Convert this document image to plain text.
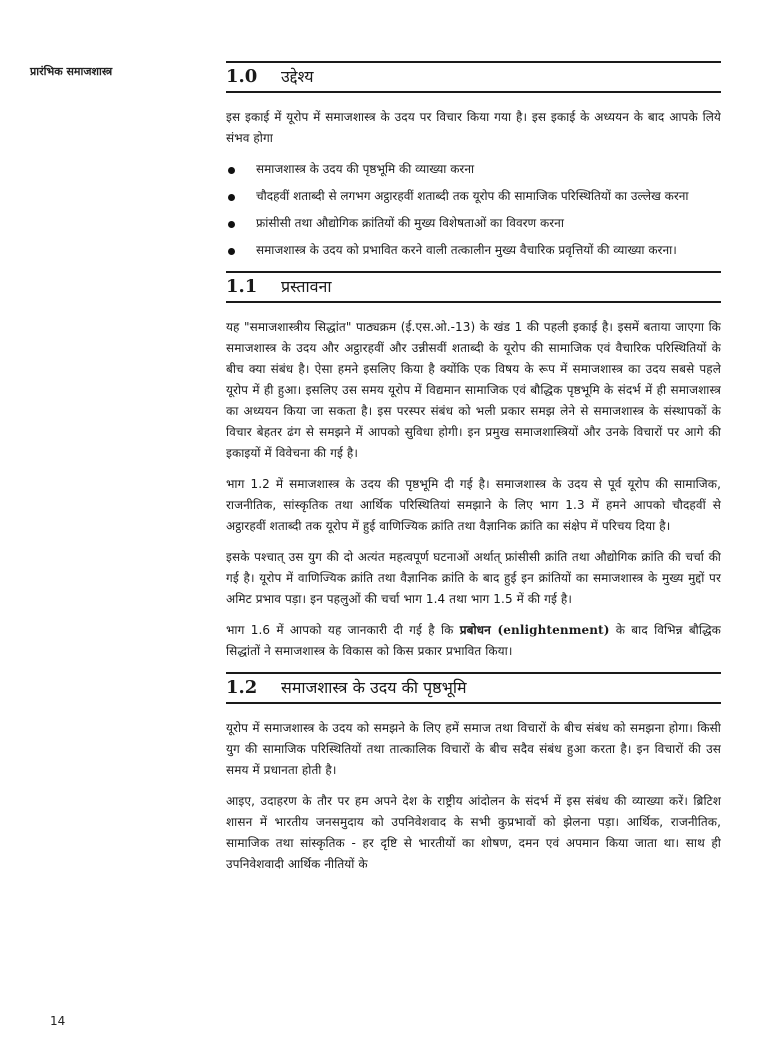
प्रारंभिक समाजशास्त्र	1.0	उद्देश्य

इस इकाई में यूरोप में समाजशास्त्र के उदय पर विचार किया गया है। इस इकाई के अध्ययन के बाद आपके लिये संभव होगा

समाजशास्त्र के उदय की पृष्ठभूमि की व्याख्या करना
चौदहवीं शताब्दी से लगभग अट्ठारहवीं शताब्दी तक यूरोप की सामाजिक परिस्थितियों का उल्लेख करना
फ्रांसीसी तथा औद्योगिक क्रांतियों की मुख्य विशेषताओं का विवरण करना
समाजशास्त्र के उदय को प्रभावित करने वाली तत्कालीन मुख्य वैचारिक प्रवृत्तियों की व्याख्या करना।
1.1	प्रस्तावना

यह "समाजशास्त्रीय सिद्धांत" पाठ्यक्रम (ई.एस.ओ.-13) के खंड 1 की पहली इकाई है। इसमें बताया जाएगा कि समाजशास्त्र के उदय और अट्ठारहवीं और उन्नीसवीं शताब्दी के यूरोप की सामाजिक एवं वैचारिक परिस्थितियों के बीच क्या संबंध है। ऐसा हमने इसलिए किया है क्योंकि एक विषय के रूप में समाजशास्त्र का उदय सबसे पहले यूरोप में ही हुआ। इसलिए उस समय यूरोप में विद्यमान सामाजिक एवं बौद्धिक पृष्ठभूमि के संदर्भ में ही समाजशास्त्र का अध्ययन किया जा सकता है। इस परस्पर संबंध को भली प्रकार समझ लेने से समाजशास्त्र के संस्थापकों के विचार बेहतर ढंग से समझने में आपको सुविधा होगी। इन प्रमुख समाजशास्त्रियों और उनके विचारों पर आगे की इकाइयों में विवेचना की गई है।

भाग 1.2 में समाजशास्त्र के उदय की पृष्ठभूमि दी गई है। समाजशास्त्र के उदय से पूर्व यूरोप की सामाजिक, राजनीतिक, सांस्कृतिक तथा आर्थिक परिस्थितियां समझाने के लिए भाग 1.3 में हमने आपको चौदहवीं से अट्ठारहवीं शताब्दी तक यूरोप में हुई वाणिज्यिक क्रांति तथा वैज्ञानिक क्रांति का संक्षेप में परिचय दिया है।

इसके पश्चात् उस युग की दो अत्यंत महत्वपूर्ण घटनाओं अर्थात् फ्रांसीसी क्रांति तथा औद्योगिक क्रांति की चर्चा की गई है। यूरोप में वाणिज्यिक क्रांति तथा वैज्ञानिक क्रांति के बाद हुई इन क्रांतियों का समाजशास्त्र के मुख्य मुद्दों पर अमिट प्रभाव पड़ा। इन पहलुओं की चर्चा भाग 1.4 तथा भाग 1.5 में की गई है।

भाग 1.6 में आपको यह जानकारी दी गई है कि प्रबोधन (enlightenment) के बाद विभिन्न बौद्धिक सिद्धांतों ने समाजशास्त्र के विकास को किस प्रकार प्रभावित किया।

1.2	समाजशास्त्र के उदय की पृष्ठभूमि

यूरोप में समाजशास्त्र के उदय को समझने के लिए हमें समाज तथा विचारों के बीच संबंध को समझना होगा। किसी युग की सामाजिक परिस्थितियों तथा तात्कालिक विचारों के बीच सदैव संबंध हुआ करता है। इन विचारों की उस समय में प्रधानता होती है।

आइए, उदाहरण के तौर पर हम अपने देश के राष्ट्रीय आंदोलन के संदर्भ में इस संबंध की व्याख्या करें। ब्रिटिश शासन में भारतीय जनसमुदाय को उपनिवेशवाद के सभी कुप्रभावों को झेलना पड़ा। आर्थिक, राजनीतिक, सामाजिक तथा सांस्कृतिक - हर दृष्टि से भारतीयों का शोषण, दमन एवं अपमान किया जाता था। साथ ही उपनिवेशवादी आर्थिक नीतियों के

14
